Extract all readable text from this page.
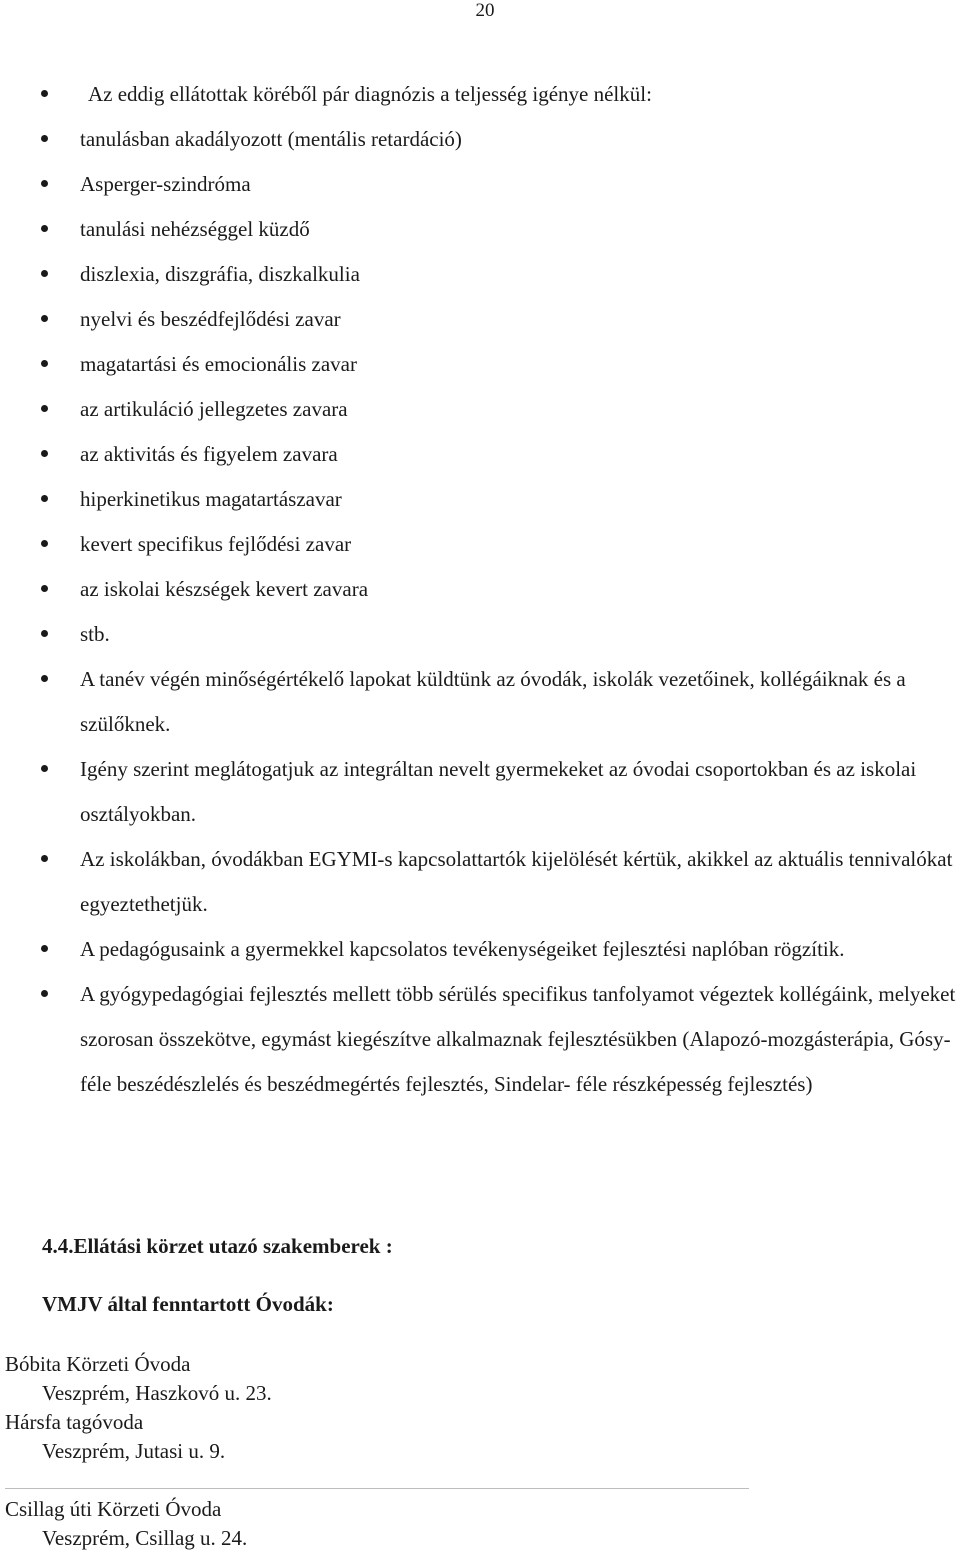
20
Az eddig ellátottak köréből pár diagnózis a teljesség igénye nélkül:
tanulásban akadályozott (mentális retardáció)
Asperger-szindróma
tanulási nehézséggel küzdő
diszlexia, diszgráfia, diszkalkulia
nyelvi és beszédfejlődési zavar
magatartási és emocionális zavar
az artikuláció jellegzetes zavara
az aktivitás és figyelem zavara
hiperkinetikus magatartászavar
kevert specifikus fejlődési zavar
az iskolai készségek kevert zavara
stb.
A tanév végén minőségértékelő lapokat küldtünk az óvodák, iskolák vezetőinek, kollégáiknak és a szülőknek.
Igény szerint meglátogatjuk az integráltan nevelt gyermekeket az óvodai csoportokban és az iskolai osztályokban.
Az iskolákban, óvodákban EGYMI-s kapcsolattartók kijelölését kértük, akikkel az aktuális tennivalókat egyeztethetjük.
A pedagógusaink a gyermekkel kapcsolatos tevékenységeiket fejlesztési naplóban rögzítik.
A gyógypedagógiai fejlesztés mellett több sérülés specifikus tanfolyamot végeztek kollégáink, melyeket szorosan összekötve, egymást kiegészítve alkalmaznak fejlesztésükben (Alapozó-mozgásterápia, Gósy-féle beszédészlelés és beszédmegértés fejlesztés, Sindelar- féle részképesség fejlesztés)
4.4.Ellátási körzet utazó szakemberek :
VMJV által fenntartott Óvodák:

Bóbita Körzeti Óvoda

Veszprém, Haszkovó u. 23.

Hársfa tagóvoda

Veszprém, Jutasi u. 9.

Csillag úti Körzeti Óvoda

Veszprém, Csillag u. 24.
